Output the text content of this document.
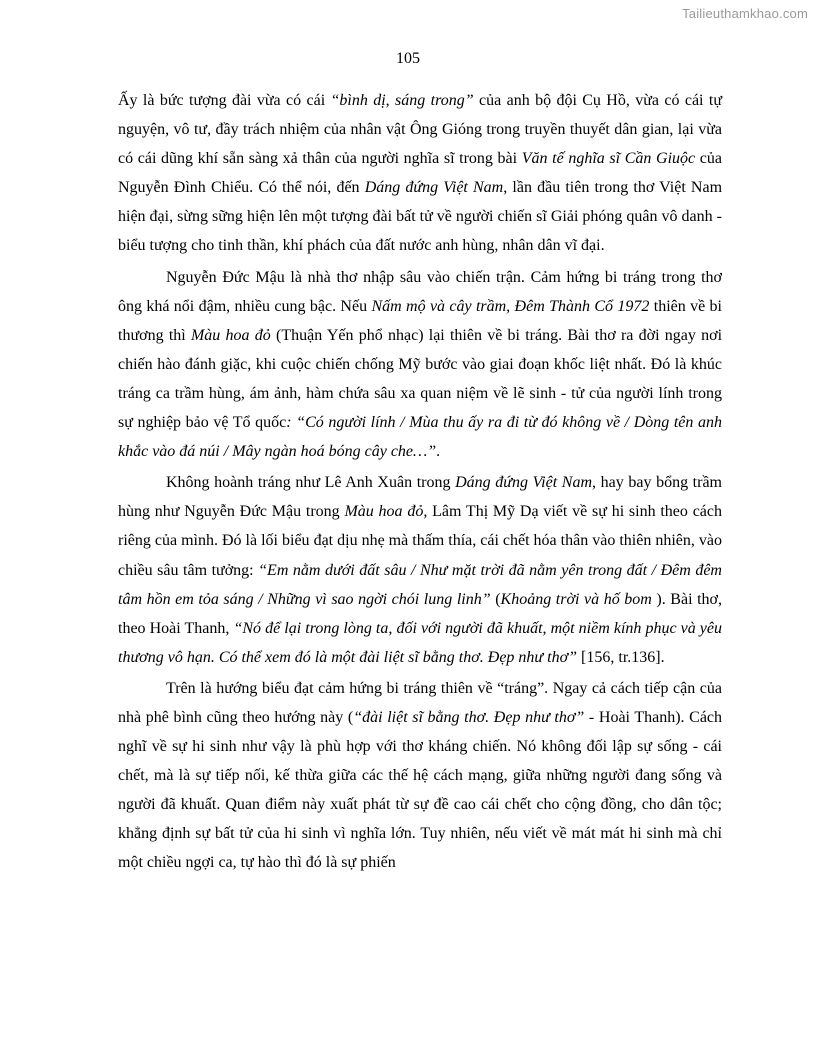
Tailieuthamkhao.com
105

Ấy là bức tượng đài vừa có cái “bình dị, sáng trong” của anh bộ đội Cụ Hồ, vừa có cái tự nguyện, vô tư, đầy trách nhiệm của nhân vật Ông Gióng trong truyền thuyết dân gian, lại vừa có cái dũng khí sẵn sàng xả thân của người nghĩa sĩ trong bài Văn tế nghĩa sĩ Cần Giuộc của Nguyễn Đình Chiểu. Có thể nói, đến Dáng đứng Việt Nam, lần đầu tiên trong thơ Việt Nam hiện đại, sừng sững hiện lên một tượng đài bất tử về người chiến sĩ Giải phóng quân vô danh - biểu tượng cho tinh thần, khí phách của đất nước anh hùng, nhân dân vĩ đại.

Nguyễn Đức Mậu là nhà thơ nhập sâu vào chiến trận. Cảm hứng bi tráng trong thơ ông khá nổi đậm, nhiều cung bậc. Nếu Nấm mộ và cây trầm, Đêm Thành Cổ 1972 thiên về bi thương thì Màu hoa đỏ (Thuận Yến phổ nhạc) lại thiên về bi tráng. Bài thơ ra đời ngay nơi chiến hào đánh giặc, khi cuộc chiến chống Mỹ bước vào giai đoạn khốc liệt nhất. Đó là khúc tráng ca trầm hùng, ám ảnh, hàm chứa sâu xa quan niệm về lẽ sinh - tử của người lính trong sự nghiệp bảo vệ Tổ quốc: “Có người lính / Mùa thu ấy ra đi từ đó không về / Dòng tên anh khắc vào đá núi / Mây ngàn hoá bóng cây che…”.

Không hoành tráng như Lê Anh Xuân trong Dáng đứng Việt Nam, hay bay bổng trầm hùng như Nguyễn Đức Mậu trong Màu hoa đỏ, Lâm Thị Mỹ Dạ viết về sự hi sinh theo cách riêng của mình. Đó là lối biểu đạt dịu nhẹ mà thấm thía, cái chết hóa thân vào thiên nhiên, vào chiều sâu tâm tưởng: “Em nằm dưới đất sâu / Như mặt trời đã nằm yên trong đất / Đêm đêm tâm hồn em tỏa sáng / Những vì sao ngời chói lung linh” (Khoảng trời và hố bom ). Bài thơ, theo Hoài Thanh, “Nó để lại trong lòng ta, đối với người đã khuất, một niềm kính phục và yêu thương vô hạn. Có thể xem đó là một đài liệt sĩ bằng thơ. Đẹp như thơ” [156, tr.136].

Trên là hướng biểu đạt cảm hứng bi tráng thiên về “tráng”. Ngay cả cách tiếp cận của nhà phê bình cũng theo hướng này (“đài liệt sĩ bằng thơ. Đẹp như thơ” - Hoài Thanh). Cách nghĩ về sự hi sinh như vậy là phù hợp với thơ kháng chiến. Nó không đối lập sự sống - cái chết, mà là sự tiếp nối, kế thừa giữa các thế hệ cách mạng, giữa những người đang sống và người đã khuất. Quan điểm này xuất phát từ sự đề cao cái chết cho cộng đồng, cho dân tộc; khẳng định sự bất tử của hi sinh vì nghĩa lớn. Tuy nhiên, nếu viết về mát mát hi sinh mà chỉ một chiều ngợi ca, tự hào thì đó là sự phiến
